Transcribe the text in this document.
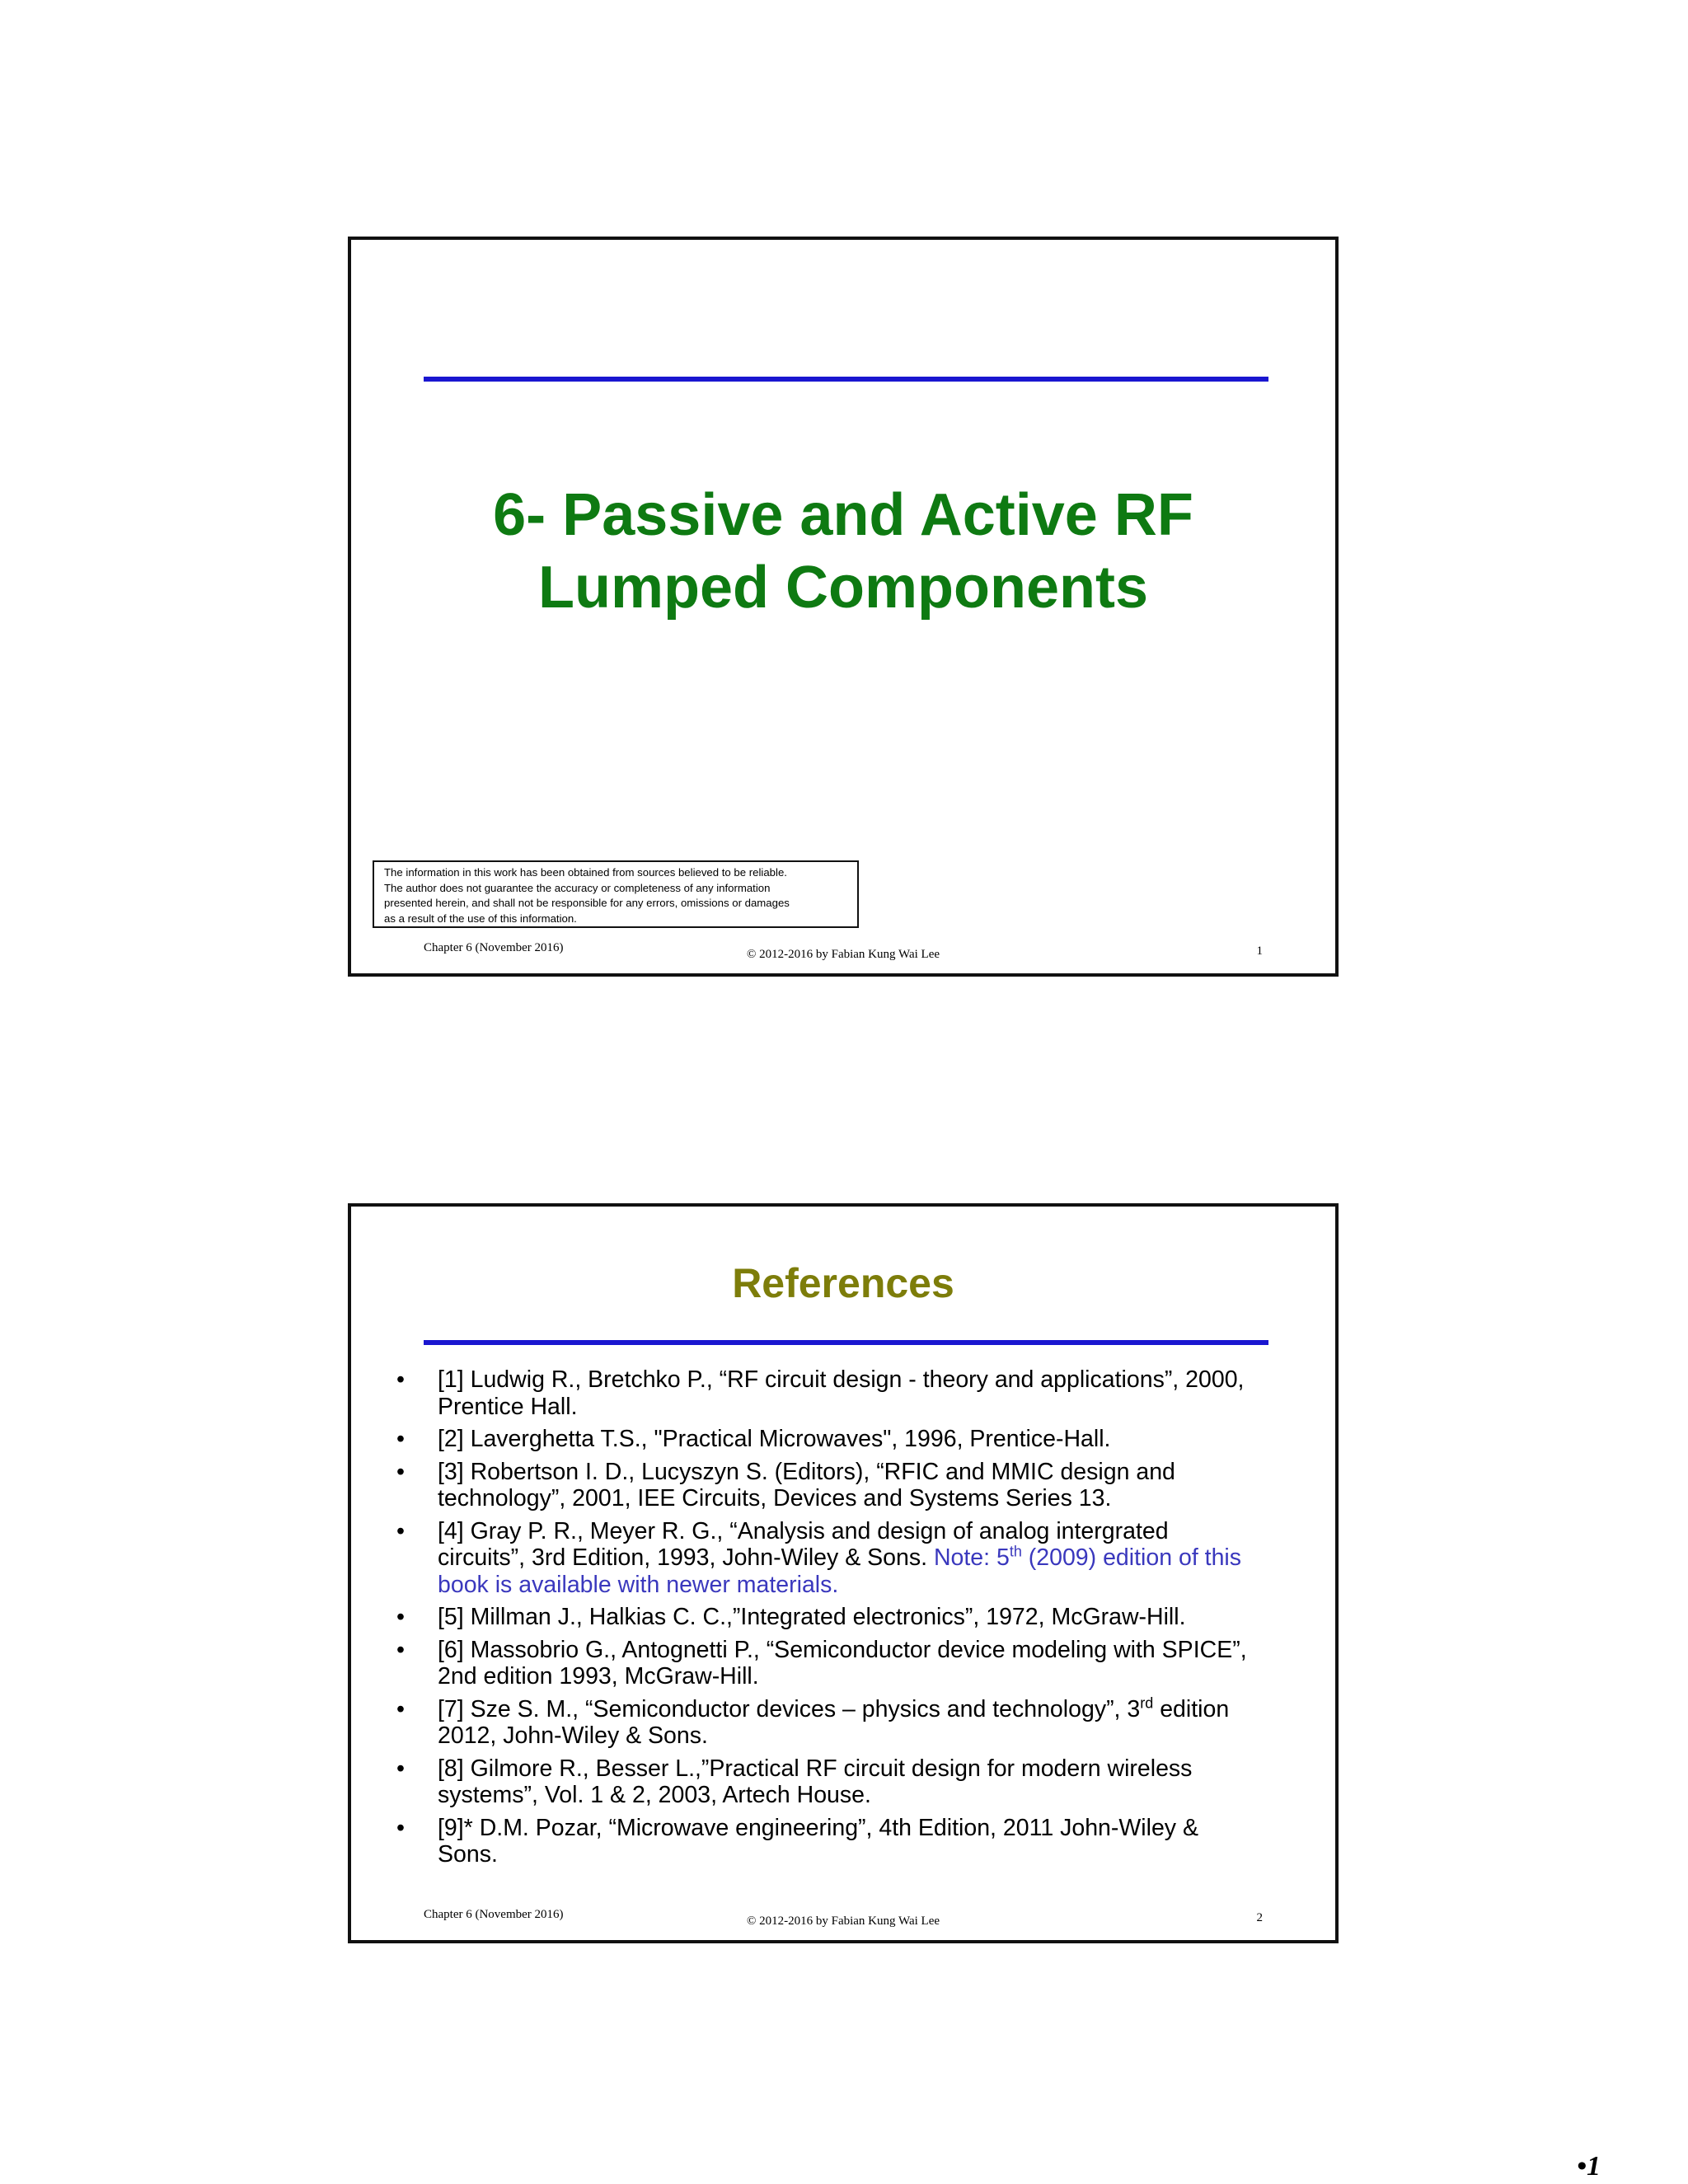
6- Passive and Active RF
Lumped Components
The information in this work has been obtained from sources believed to be reliable.
The author does not guarantee the accuracy or completeness of any information
presented herein, and shall not be responsible for any errors, omissions or damages
as a result of the use of this information.
Chapter 6 (November 2016)	© 2012-2016 by Fabian Kung Wai Lee	1
References
• [1] Ludwig R., Bretchko P., “RF circuit design - theory and applications”, 2000,
Prentice Hall.
• [2] Laverghetta T.S., "Practical Microwaves", 1996, Prentice-Hall.
• [3] Robertson I. D., Lucyszyn S. (Editors), “RFIC and MMIC design and
technology”, 2001, IEE Circuits, Devices and Systems Series 13.
• [4] Gray P. R., Meyer R. G., “Analysis and design of analog intergrated
circuits”, 3rd Edition, 1993, John-Wiley & Sons. Note: 5th (2009) edition of this
book is available with newer materials.
• [5] Millman J., Halkias C. C.,”Integrated electronics”, 1972, McGraw-Hill.
• [6] Massobrio G., Antognetti P., “Semiconductor device modeling with SPICE”,
2nd edition 1993, McGraw-Hill.
• [7] Sze S. M., “Semiconductor devices – physics and technology”, 3rd edition
2012, John-Wiley & Sons.
• [8] Gilmore R., Besser L.,”Practical RF circuit design for modern wireless
systems”, Vol. 1 & 2, 2003, Artech House.
• [9]* D.M. Pozar, “Microwave engineering”, 4th Edition, 2011 John-Wiley &
Sons.
Chapter 6 (November 2016)	© 2012-2016 by Fabian Kung Wai Lee	2
•1
